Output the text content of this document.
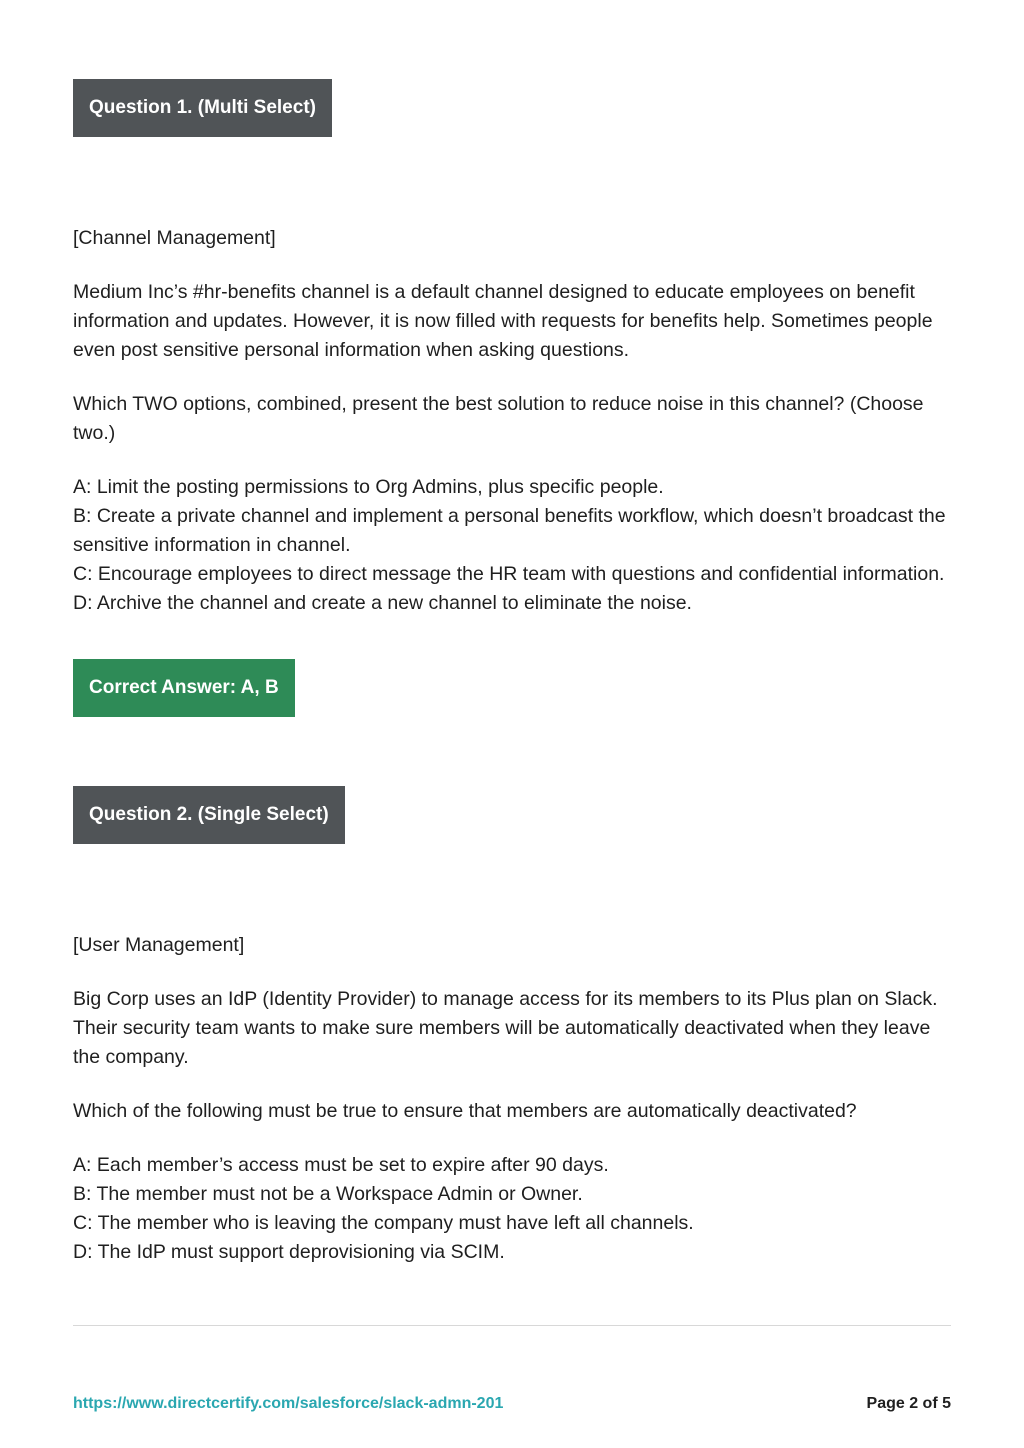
Question 1. (Multi Select)

[Channel Management]

Medium Inc’s #hr-benefits channel is a default channel designed to educate employees on benefit information and updates. However, it is now filled with requests for benefits help. Sometimes people even post sensitive personal information when asking questions.

Which TWO options, combined, present the best solution to reduce noise in this channel? (Choose two.)

A: Limit the posting permissions to Org Admins, plus specific people.
B: Create a private channel and implement a personal benefits workflow, which doesn’t broadcast the sensitive information in channel.
C: Encourage employees to direct message the HR team with questions and confidential information.
D: Archive the channel and create a new channel to eliminate the noise.
Correct Answer: A, B
Question 2. (Single Select)

[User Management]

Big Corp uses an IdP (Identity Provider) to manage access for its members to its Plus plan on Slack. Their security team wants to make sure members will be automatically deactivated when they leave the company.

Which of the following must be true to ensure that members are automatically deactivated?

A: Each member’s access must be set to expire after 90 days.
B: The member must not be a Workspace Admin or Owner.
C: The member who is leaving the company must have left all channels.
D: The IdP must support deprovisioning via SCIM.
https://www.directcertify.com/salesforce/slack-admn-201	Page 2 of 5
